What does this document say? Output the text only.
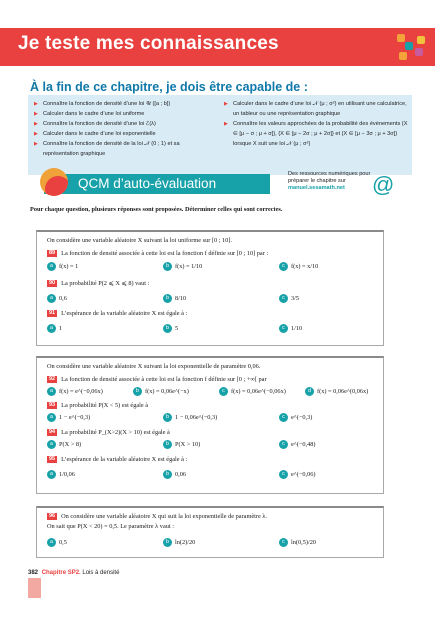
Je teste mes connaissances
À la fin de ce chapitre, je dois être capable de :
▶ Connaître la fonction de densité d’une loi 𝒰 ([a ; b])
▶ Calculer dans le cadre d’une loi uniforme
▶ Connaître la fonction de densité d’une loi ℰ(λ)
▶ Calculer dans le cadre d’une loi exponentielle
▶ Connaître la fonction de densité de la loi 𝒩 (0 ; 1) et sa représentation graphique
▶ Calculer dans le cadre d’une loi 𝒩 (μ ; σ²) en utilisant une calculatrice, un tableur ou une représentation graphique
▶ Connaître les valeurs approchées de la probabilité des évènements {X ∈ [μ − σ ; μ + σ]}, {X ∈ [μ − 2σ ; μ + 2σ]} et {X ∈ [μ − 3σ ; μ + 3σ]} lorsque X suit une loi 𝒩 (μ ; σ²)
QCM d’auto-évaluation
Des ressources numériques pour préparer le chapitre sur
manuel.sesamath.net	@
Pour chaque question, plusieurs réponses sont proposées. Déterminer celles qui sont correctes.
On considère une variable aléatoire X suivant la loi uniforme sur [0 ; 10].
89 La fonction de densité associée à cette loi est la fonction f définie sur [0 ; 10] par :
a f(x) = 1	b f(x) = 1/10	c f(x) = x/10
90 La probabilité P(2 ⩽ X ⩽ 8) vaut :
a 0,6	b 8/10	c 3/5
91 L’espérance de la variable aléatoire X est égale à :
a 1	b 5	c 1/10
On considère une variable aléatoire X suivant la loi exponentielle de paramètre 0,06.
92 La fonction de densité associée à cette loi est la fonction f définie sur [0 ; +∞[ par
a f(x) = e^(−0,06x)	b f(x) = 0,06e^(−x)	c f(x) = 0,06e^(−0,06x)	d f(x) = 0,06e^(0,06x)
93 La probabilité P(X < 5) est égale à
a 1 − e^(−0,3)	b 1 − 0,06e^(−0,3)	c e^(−0,3)
94 La probabilité P_(X>2)(X > 10) est égale à
a P(X > 8)	b P(X > 10)	c e^(−0,48)
95 L’espérance de la variable aléatoire X est égale à :
a 1/0,06	b 0,06	c e^(−0,06)
96 On considère une variable aléatoire X qui suit la loi exponentielle de paramètre λ.
On sait que P(X < 20) = 0,5. Le paramètre λ vaut :
a 0,5	b ln(2)/20	c ln(0,5)/20
382 Chapitre SP2. Lois à densité
